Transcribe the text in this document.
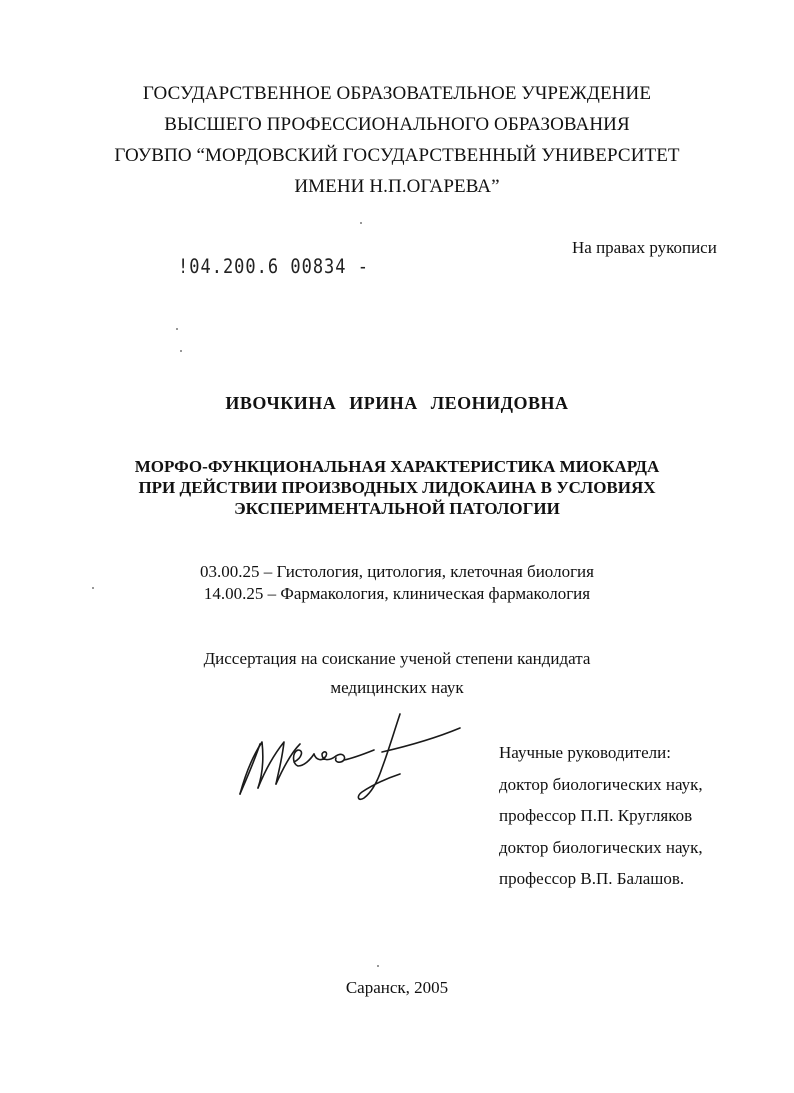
ГОСУДАРСТВЕННОЕ ОБРАЗОВАТЕЛЬНОЕ УЧРЕЖДЕНИЕ
ВЫСШЕГО ПРОФЕССИОНАЛЬНОГО ОБРАЗОВАНИЯ
ГОУВПО “МОРДОВСКИЙ ГОСУДАРСТВЕННЫЙ УНИВЕРСИТЕТ
ИМЕНИ Н.П.ОГАРЕВА”
!04.200.6 00834 -
На правах рукописи
ИВОЧКИНА ИРИНА ЛЕОНИДОВНА
МОРФО-ФУНКЦИОНАЛЬНАЯ ХАРАКТЕРИСТИКА МИОКАРДА
ПРИ ДЕЙСТВИИ ПРОИЗВОДНЫХ ЛИДОКАИНА В УСЛОВИЯХ
ЭКСПЕРИМЕНТАЛЬНОЙ ПАТОЛОГИИ
03.00.25 – Гистология, цитология, клеточная биология
14.00.25 – Фармакология, клиническая фармакология
Диссертация на соискание ученой степени кандидата
медицинских наук
Научные руководители:
доктор биологических наук,
профессор П.П. Кругляков
доктор биологических наук,
профессор В.П. Балашов.
Саранск, 2005
